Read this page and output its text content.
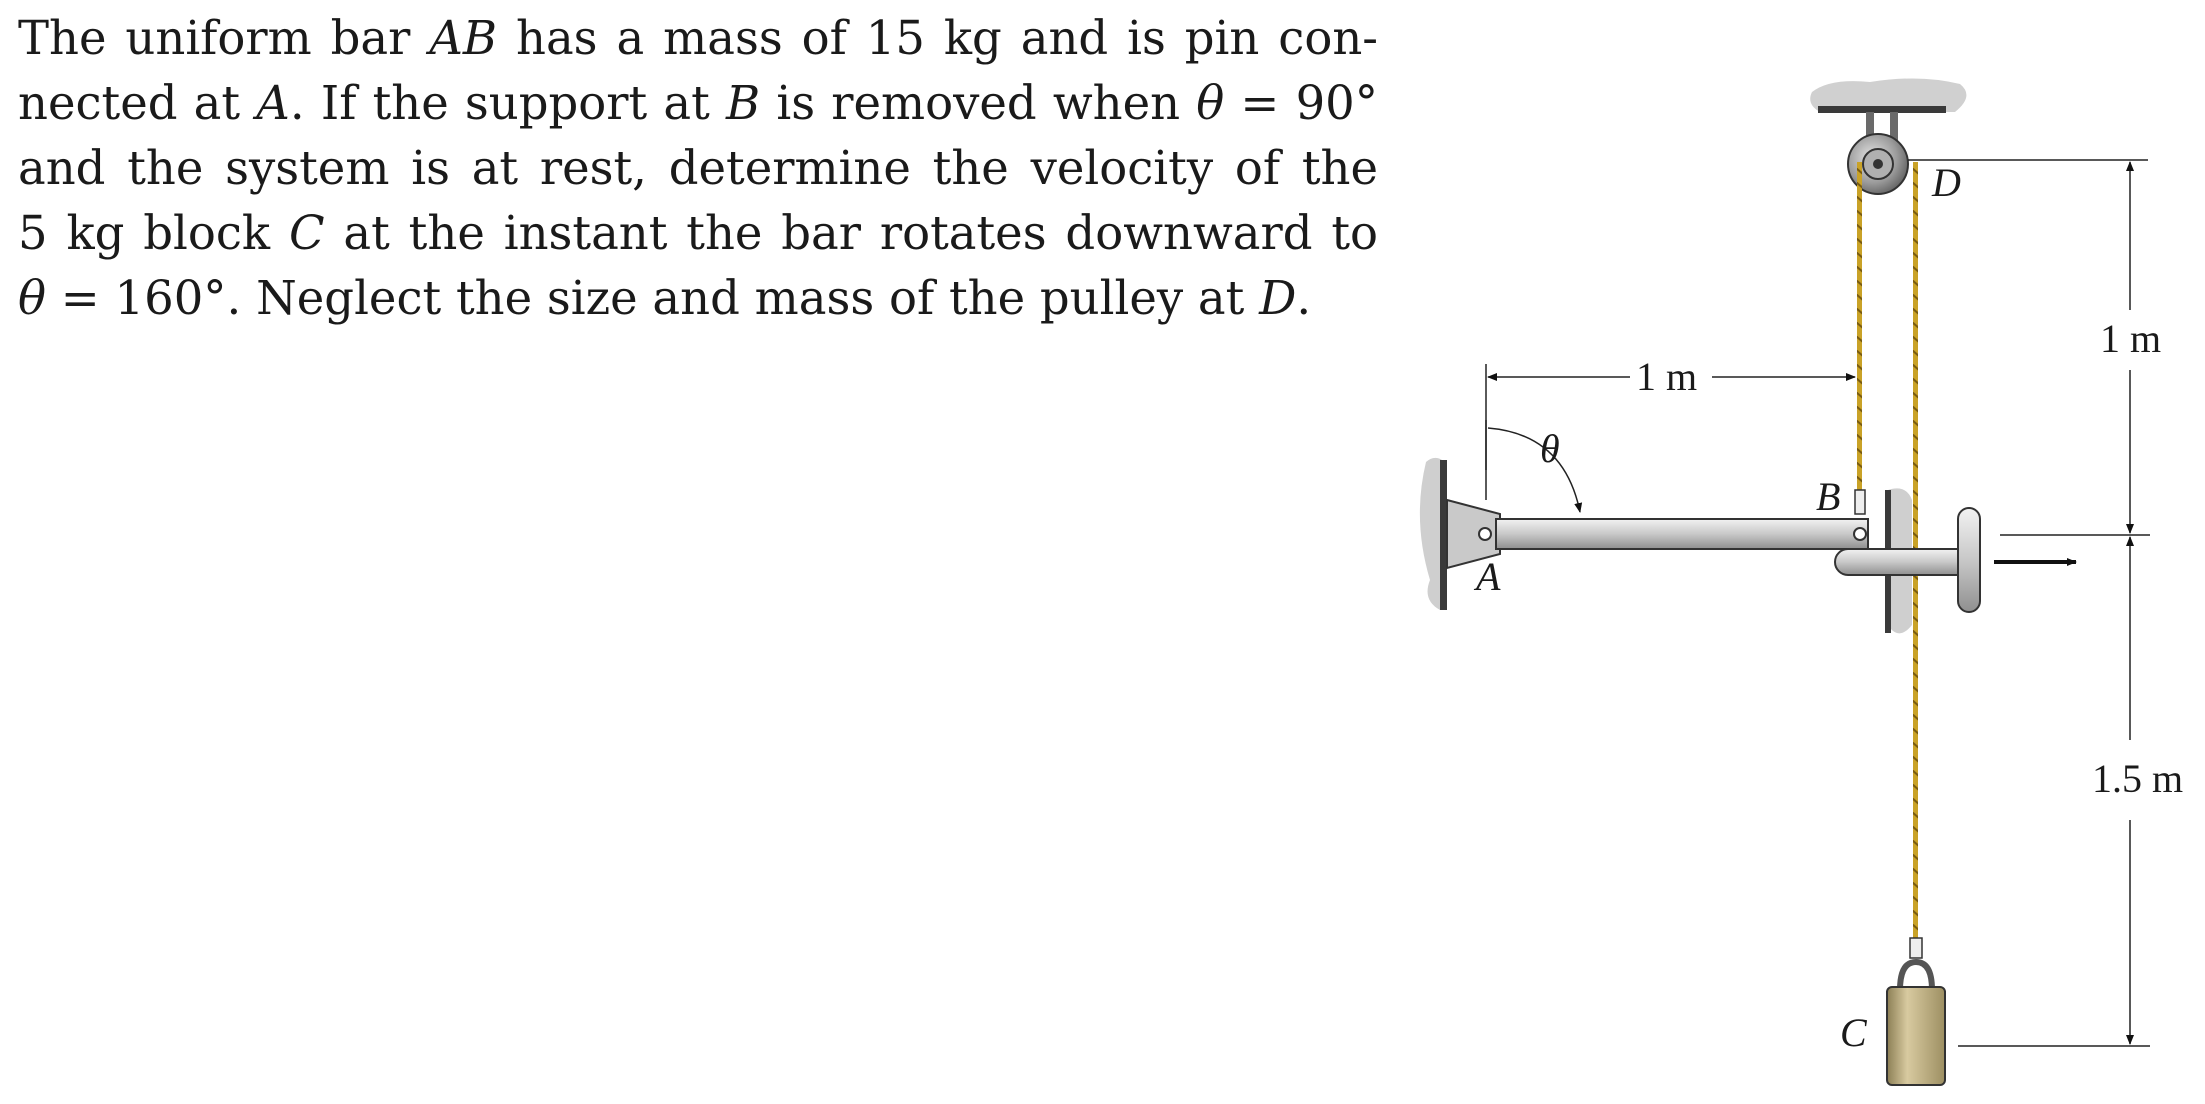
The uniform bar AB has a mass of 15 kg and is pin con-
nected at A. If the support at B is removed when θ = 90°
and the system is at rest, determine the velocity of the
5 kg block C at the instant the bar rotates downward to
θ = 160°. Neglect the size and mass of the pulley at D.
A
B
C
D
θ
1 m
1 m
1.5 m
